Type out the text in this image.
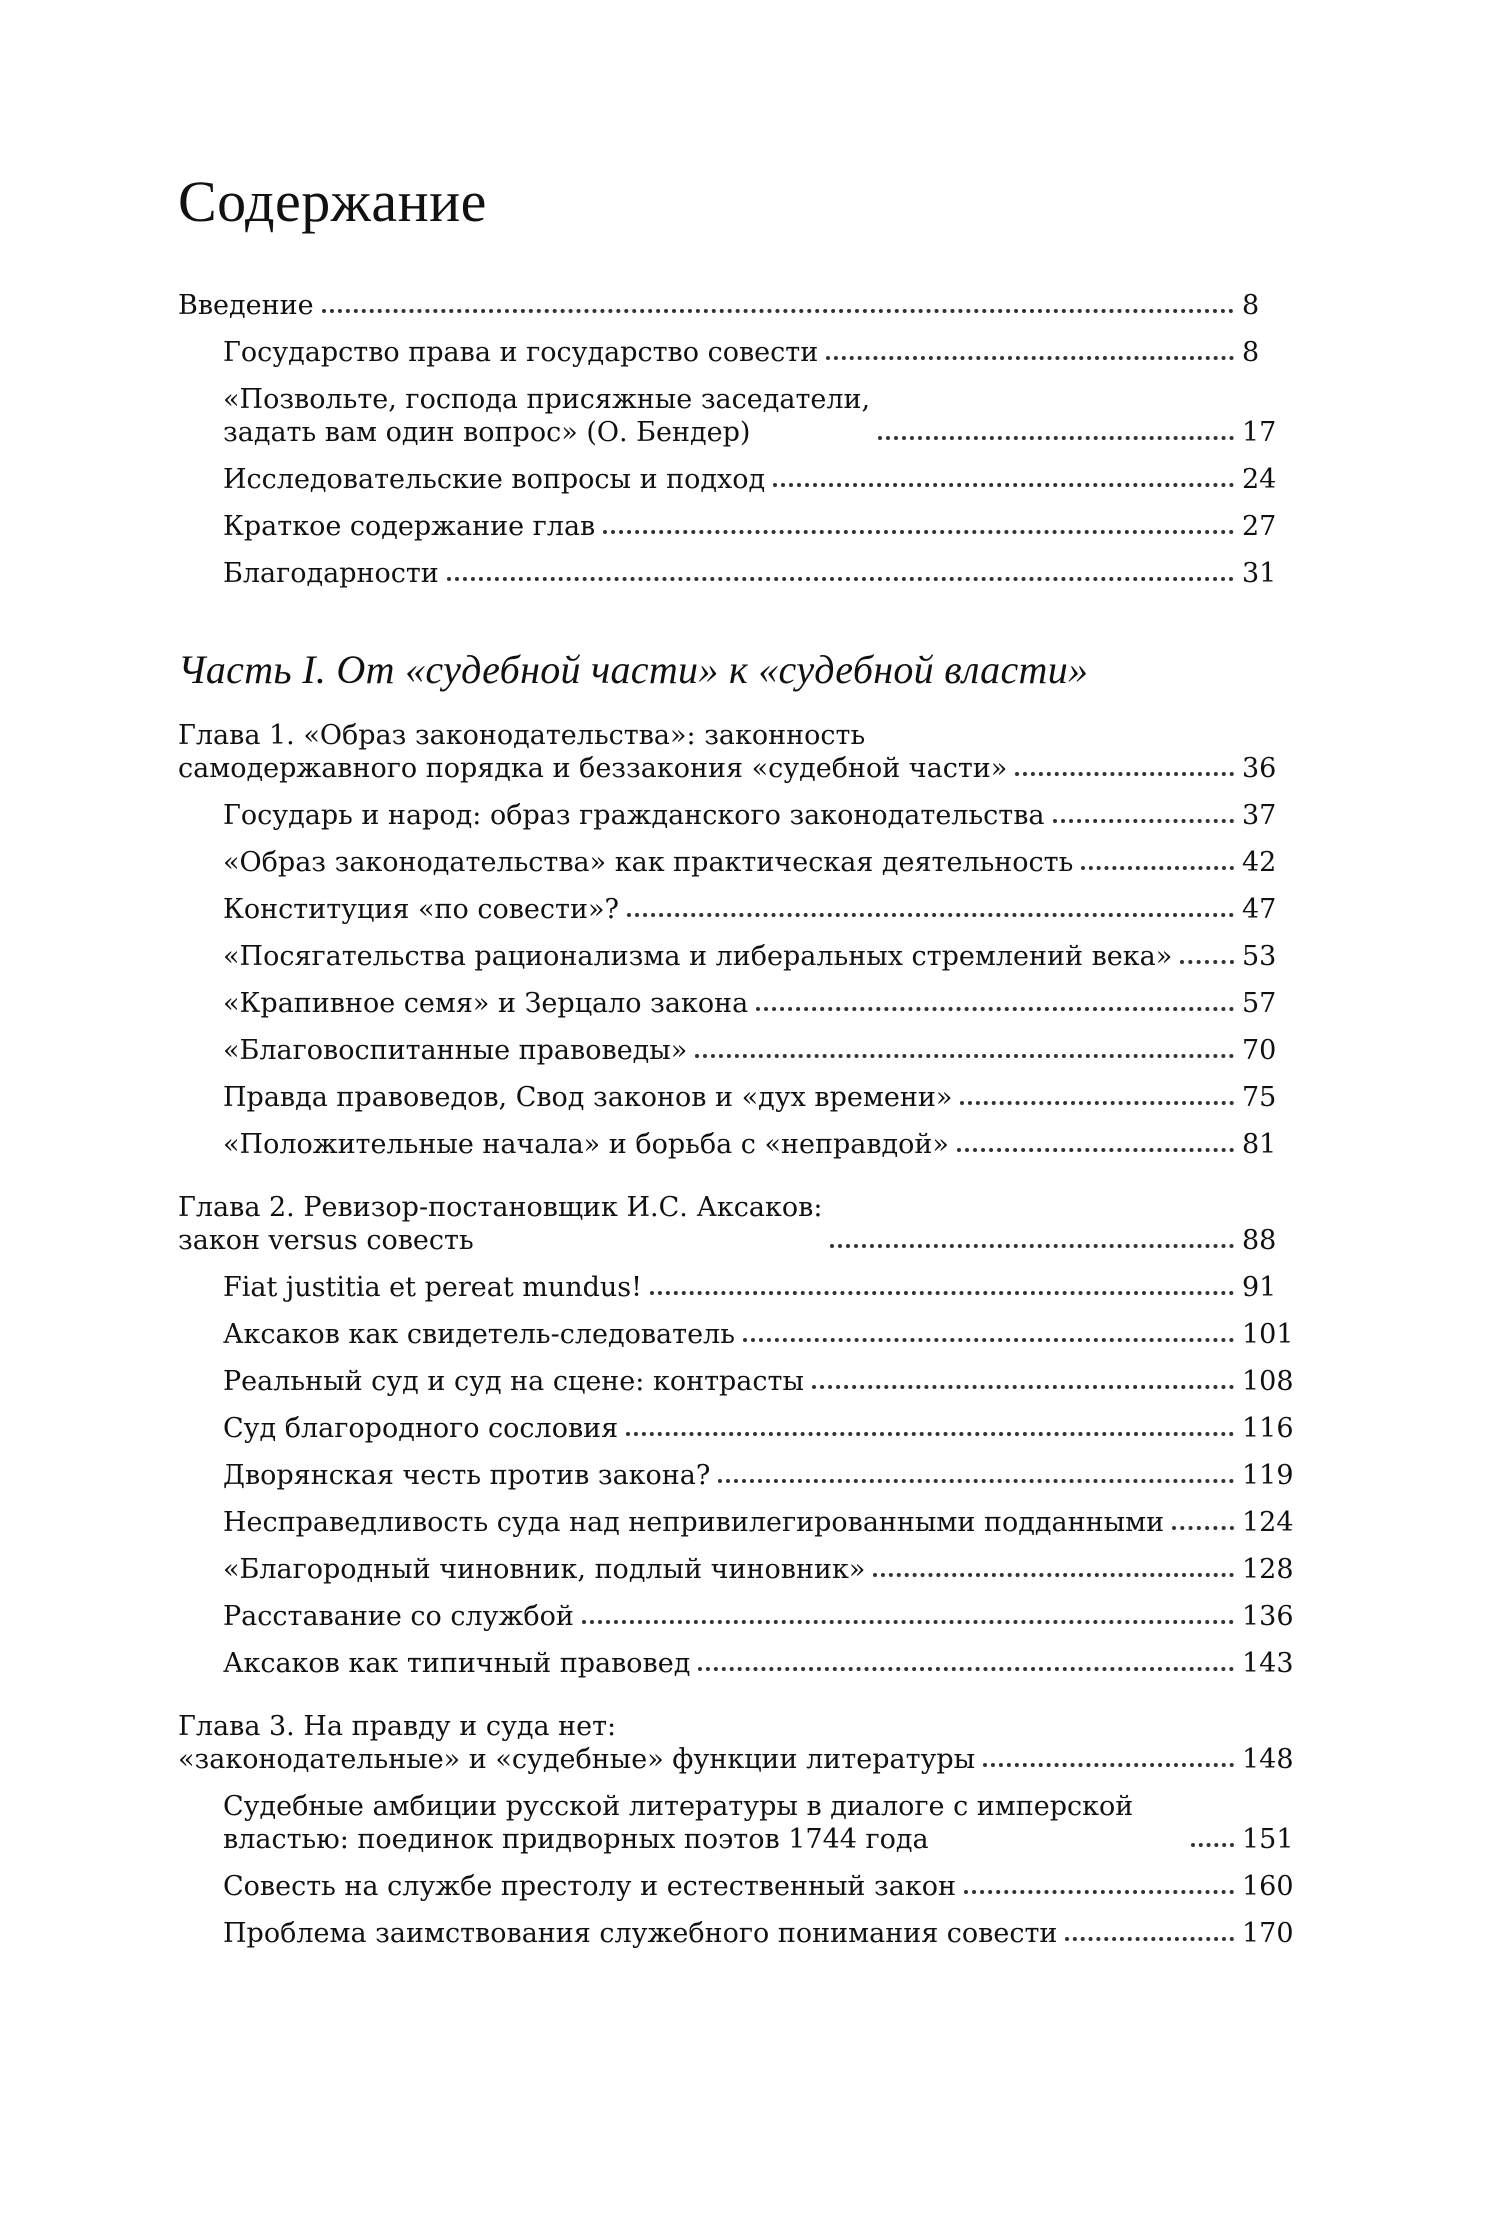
Содержание
Введение	8
Государство права и государство совести	8
«Позвольте, господа присяжные заседатели,
задать вам один вопрос» (О. Бендер)	17
Исследовательские вопросы и подход	24
Краткое содержание глав	27
Благодарности	31
Часть I. От «судебной части» к «судебной власти»
Глава 1. «Образ законодательства»: законность
самодержавного порядка и беззакония «судебной части»	36
Государь и народ: образ гражданского законодательства	37
«Образ законодательства» как практическая деятельность	42
Конституция «по совести»?	47
«Посягательства рационализма и либеральных стремлений века»	53
«Крапивное семя» и Зерцало закона	57
«Благовоспитанные правоведы»	70
Правда правоведов, Свод законов и «дух времени»	75
«Положительные начала» и борьба с «неправдой»	81
Глава 2. Ревизор-постановщик И.С. Аксаков:
закон versus совесть	88
Fiat justitia et pereat mundus!	91
Аксаков как свидетель-следователь	101
Реальный суд и суд на сцене: контрасты	108
Суд благородного сословия	116
Дворянская честь против закона?	119
Несправедливость суда над непривилегированными подданными	124
«Благородный чиновник, подлый чиновник»	128
Расставание со службой	136
Аксаков как типичный правовед	143
Глава 3. На правду и суда нет:
«законодательные» и «судебные» функции литературы	148
Судебные амбиции русской литературы в диалоге с имперской властью: поединок придворных поэтов 1744 года	151
Совесть на службе престолу и естественный закон	160
Проблема заимствования служебного понимания совести	170
